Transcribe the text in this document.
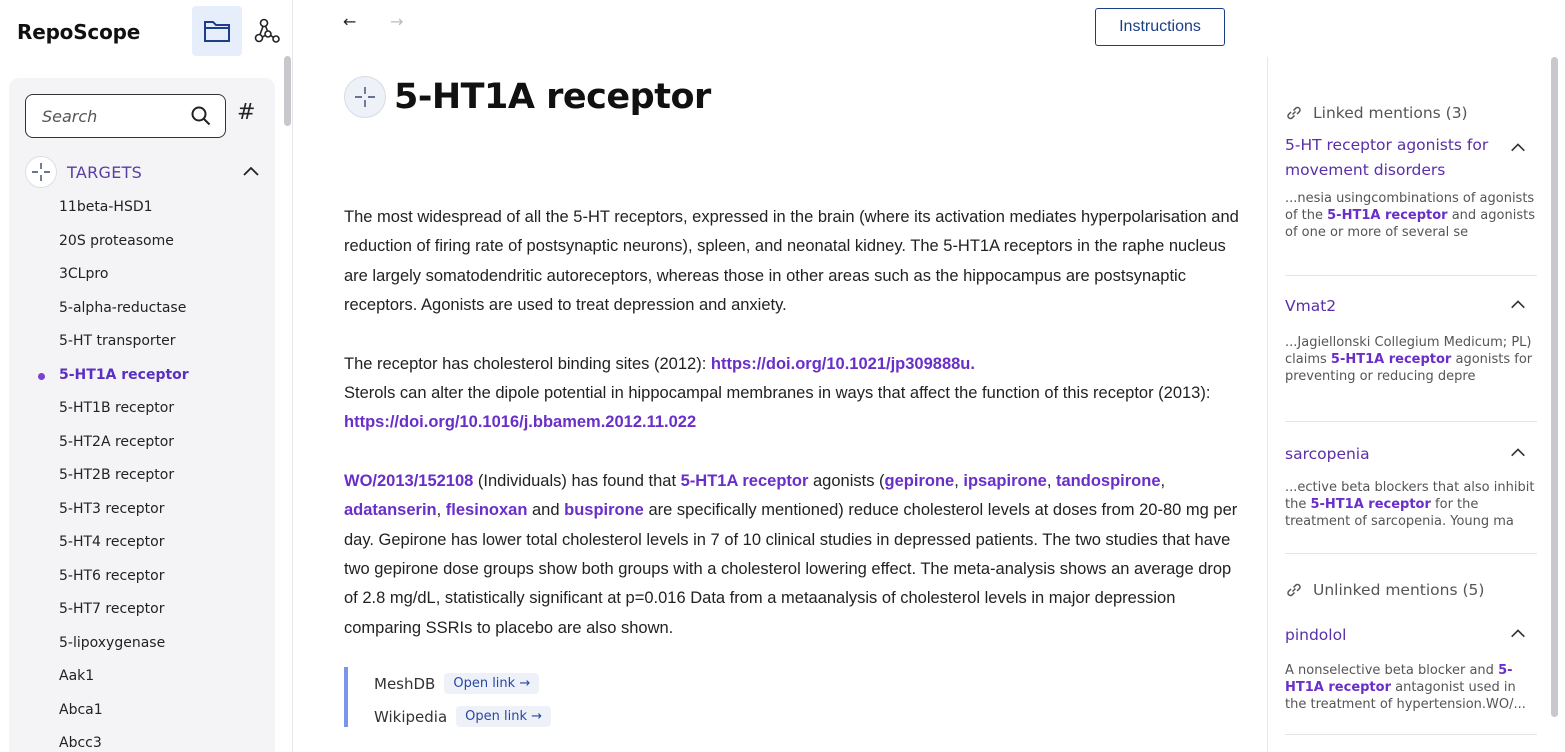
RepoScope
Search	#
TARGETS
11beta-HSD1
20S proteasome
3CLpro
5-alpha-reductase
5-HT transporter
5-HT1A receptor
5-HT1B receptor
5-HT2A receptor
5-HT2B receptor
5-HT3 receptor
5-HT4 receptor
5-HT6 receptor
5-HT7 receptor
5-lipoxygenase
Aak1
Abca1
Abcc3
← →	Instructions
5-HT1A receptor

The most widespread of all the 5-HT receptors, expressed in the brain (where its activation mediates hyperpolarisation and reduction of firing rate of postsynaptic neurons), spleen, and neonatal kidney. The 5-HT1A receptors in the raphe nucleus are largely somatodendritic autoreceptors, whereas those in other areas such as the hippocampus are postsynaptic receptors. Agonists are used to treat depression and anxiety.

The receptor has cholesterol binding sites (2012): https://doi.org/10.1021/jp309888u.
Sterols can alter the dipole potential in hippocampal membranes in ways that affect the function of this receptor (2013): https://doi.org/10.1016/j.bbamem.2012.11.022

WO/2013/152108 (Individuals) has found that 5-HT1A receptor agonists (gepirone, ipsapirone, tandospirone, adatanserin, flesinoxan and buspirone are specifically mentioned) reduce cholesterol levels at doses from 20-80 mg per day. Gepirone has lower total cholesterol levels in 7 of 10 clinical studies in depressed patients. The two studies that have two gepirone dose groups show both groups with a cholesterol lowering effect. The meta-analysis shows an average drop of 2.8 mg/dL, statistically significant at p=0.016 Data from a metaanalysis of cholesterol levels in major depression comparing SSRIs to placebo are also shown.

MeshDB	Open link →
Wikipedia	Open link →
Linked mentions (3)
5-HT receptor agonists for movement disorders
...nesia usingcombinations of agonists of the 5-HT1A receptor and agonists of one or more of several se
Vmat2
...Jagiellonski Collegium Medicum; PL) claims 5-HT1A receptor agonists for preventing or reducing depre
sarcopenia
...ective beta blockers that also inhibit the 5-HT1A receptor for the treatment of sarcopenia. Young ma
Unlinked mentions (5)
pindolol
A nonselective beta blocker and 5-HT1A receptor antagonist used in the treatment of hypertension.WO/...
